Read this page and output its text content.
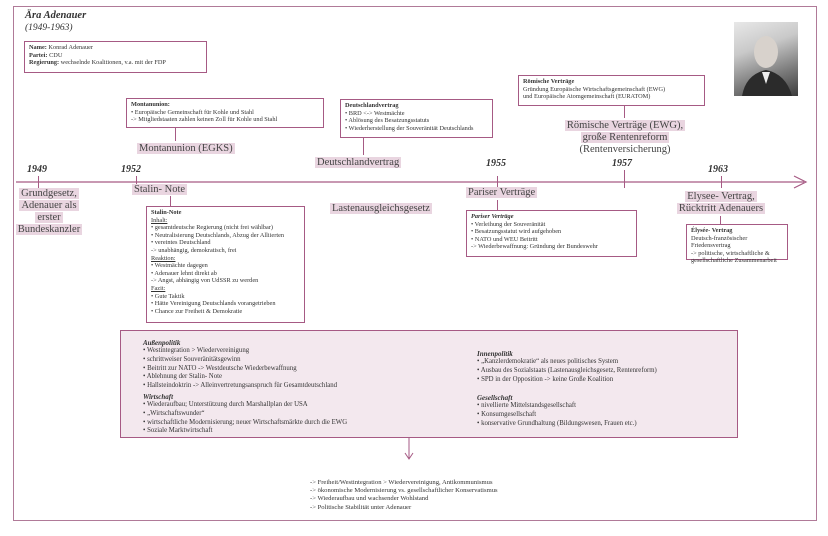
Ära Adenauer
(1949-1963)
Name: Konrad Adenauer
Partei: CDU
Regierung: wechselnde Koalitionen, v.a. mit der FDP
Montanunion:
• Europäische Gemeinschaft für Kohle und Stahl
-> Mitgliedstaaten zahlen keinen Zoll für Kohle und Stahl
Montanunion (EGKS)
Deutschlandvertrag
• BRD <-> Westmächte
• Ablösung des Besatzungsstatuts
• Wiederherstellung der Souveränität Deutschlands
Deutschlandvertrag
Römische Verträge
Gründung Europäische Wirtschaftsgemeinschaft (EWG)
und Europäische Atomgemeinschaft (EURATOM)
Römische Verträge (EWG),
große Rentenreform
(Rentenversicherung)
1949	1952
1955	1957
1963
Grundgesetz,
Adenauer als
erster
Bundeskanzler
Stalin- Note
Lastenausgleichsgesetz
Pariser Verträge	Elysee- Vertrag,
Rücktritt Adenauers
Stalin-Note
Inhalt:
• gesamtdeutsche Regierung (nicht frei wählbar)
• Neutralisierung Deutschlands, Abzug der Alliierten
• vereintes Deutschland
-> unabhängig, demokratisch, frei
Reaktion:
• Westmächte dagegen
• Adenauer lehnt direkt ab
-> Angst, abhängig von UdSSR zu werden
Fazit:
• Gute Taktik
• Hätte Vereinigung Deutschlands vorangetrieben
• Chance zur Freiheit & Demokratie
Pariser Verträge
• Verleihung der Souveränität
• Besatzungsstatut wird aufgehoben
• NATO und WEU Beitritt
-> Wiederbewaffnung: Gründung der Bundeswehr
Élysée- Vertrag
Deutsch-französischer Friedensvertrag
-> politische, wirtschaftliche &
gesellschaftliche Zusammenarbeit
Außenpolitik
• Westintegration > Wiedervereinigung
• schrittweiser Souveränitätsgewinn
• Beitritt zur NATO -> Westdeutsche Wiederbewaffnung
• Ablehnung der Stalin- Note
• Hallsteindoktrin -> Alleinvertretungsanspruch für Gesamtdeutschland
Wirtschaft
• Wiederaufbau; Unterstützung durch Marshallplan der USA
• „Wirtschaftswunder“
• wirtschaftliche Modernisierung; neuer Wirtschaftsmärkte durch die EWG
• Soziale Marktwirtschaft
Innenpolitik
• „Kanzlerdemokratie“ als neues politisches System
• Ausbau des Sozialstaats (Lastenausgleichsgesetz, Rentenreform)
• SPD in der Opposition -> keine Große Koalition
Gesellschaft
• nivellierte Mittelstandsgesellschaft
• Konsumgesellschaft
• konservative Grundhaltung (Bildungswesen, Frauen etc.)
-> Freiheit/Westintegration > Wiedervereinigung, Antikommunismus
-> ökonomische Modernisierung vs. gesellschaftlicher Konservatismus
-> Wiederaufbau und wachsender Wohlstand
-> Politische Stabilität unter Adenauer
